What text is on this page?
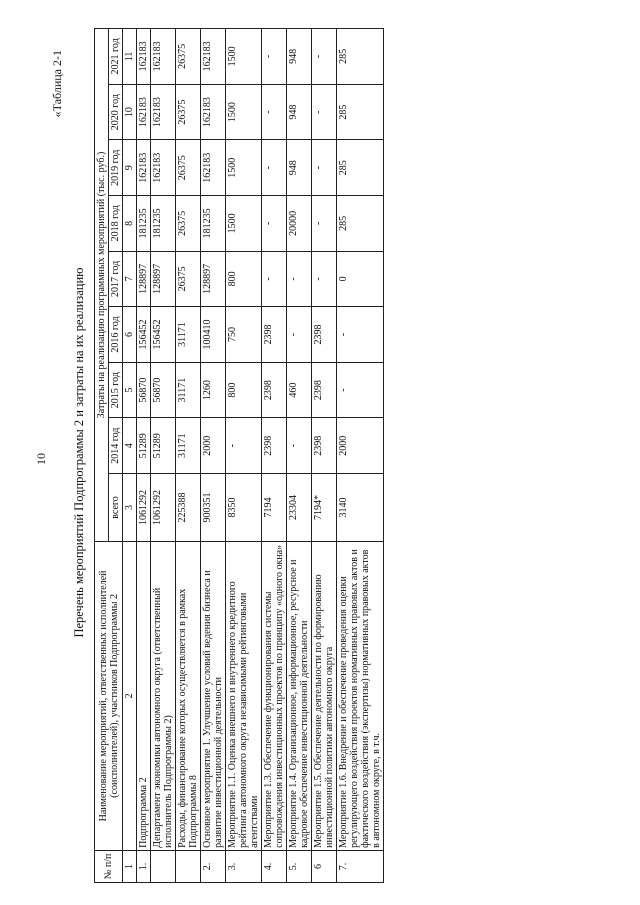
10
«Таблица 2-1
Перечень мероприятий Подпрограммы 2 и затраты на их реализацию
№ п/п	Наименование мероприятий, ответственных исполнителей (соисполнителей), участников Подпрограммы 2	Затраты на реализацию программных мероприятий (тыс. руб.)								
		всего	2014 год	2015 год	2016 год	2017 год	2018 год	2019 год	2020 год	2021 год
1	2	3	4	5	6	7	8	9	10	11
1.	Подпрограмма 2	1061292	51289	56870	156452	128897	181235	162183	162183	162183
	Департамент экономики автономного округа (ответственный исполнитель Подпрограммы 2)	1061292	51289	56870	156452	128897	181235	162183	162183	162183
	Расходы, финансирование которых осуществляется в рамках Подпрограммы 8	225388	31171	31171	31171	26375	26375	26375	26375	26375
2.	Основное мероприятие 1. Улучшение условий ведения бизнеса и развитие инвестиционной деятельности	900351	2000	1260	100410	128897	181235	162183	162183	162183
3.	Мероприятие 1.1. Оценка внешнего и внутреннего кредитного рейтинга автономного округа независимыми рейтинговыми агентствами	8350	-	800	750	800	1500	1500	1500	1500
4.	Мероприятие 1.3. Обеспечение функционирования системы сопровождения инвестиционных проектов по принципу «одного окна»	7194	2398	2398	2398	-	-	-	-	-
5.	Мероприятие 1.4. Организационное, информационное, ресурсное и кадровое обеспечение инвестиционной деятельности	23304	-	460	-	-	20000	948	948	948
6	Мероприятие 1.5. Обеспечение деятельности по формированию инвестиционной политики автономного округа	7194*	2398	2398	2398	-	-	-	-	-
7.	Мероприятие 1.6. Внедрение и обеспечение проведения оценки регулирующего воздействия проектов нормативных правовых актов и фактического воздействия (экспертизы) нормативных правовых актов в автономном округе, в т.ч.	3140	2000	-	-	0	285	285	285	285
